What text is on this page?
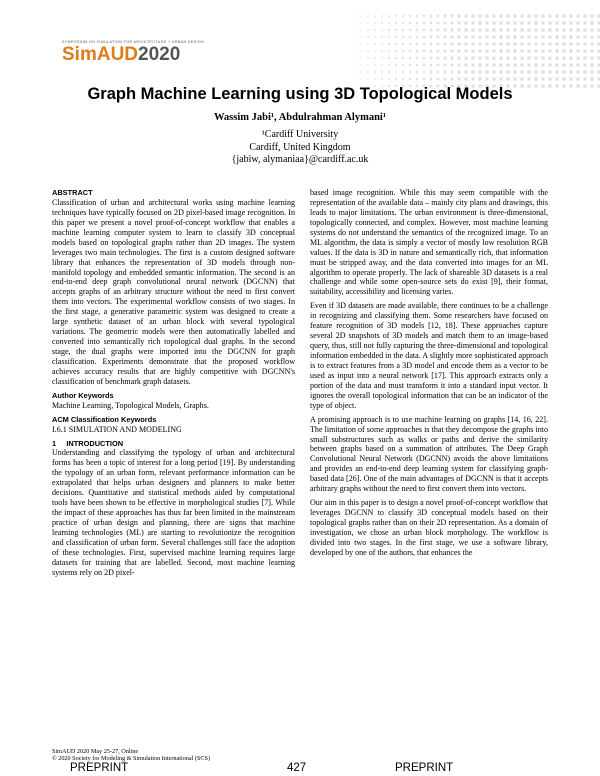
SYMPOSIUM ON SIMULATION FOR ARCHITECTURE + URBAN DESIGN
SimAUD2020
Graph Machine Learning using 3D Topological Models
Wassim Jabi¹, Abdulrahman Alymani¹
¹Cardiff University
Cardiff, United Kingdom
{jabiw, alymaniaa}@cardiff.ac.uk
ABSTRACT

Classification of urban and architectural works using machine learning techniques have typically focused on 2D pixel-based image recognition. In this paper we present a novel proof-of-concept workflow that enables a machine learning computer system to learn to classify 3D conceptual models based on topological graphs rather than 2D images. The system leverages two main technologies. The first is a custom designed software library that enhances the representation of 3D models through non-manifold topology and embedded semantic information. The second is an end-to-end deep graph convolutional neural network (DGCNN) that accepts graphs of an arbitrary structure without the need to first convert them into vectors. The experimental workflow consists of two stages. In the first stage, a generative parametric system was designed to create a large synthetic dataset of an urban block with several typological variations. The geometric models were then automatically labelled and converted into semantically rich topological dual graphs. In the second stage, the dual graphs were imported into the DGCNN for graph classification. Experiments demonstrate that the proposed workflow achieves accuracy results that are highly competitive with DGCNN's classification of benchmark graph datasets.

Author Keywords

Machine Learning, Topological Models, Graphs.

ACM Classification Keywords

I.6.1 SIMULATION AND MODELING

1     INTRODUCTION

Understanding and classifying the typology of urban and architectural forms has been a topic of interest for a long period [19]. By understanding the typology of an urban form, relevant performance information can be extrapolated that helps urban designers and planners to make better decisions. Quantitative and statistical methods aided by computational tools have been shown to be effective in morphological studies [7]. While the impact of these approaches has thus far been limited in the mainstream practice of urban design and planning, there are signs that machine learning technologies (ML) are starting to revolutionize the recognition and classification of urban form. Several challenges still face the adoption of these technologies. First, supervised machine learning requires large datasets for training that are labelled. Second, most machine learning systems rely on 2D pixel-

based image recognition. While this may seem compatible with the representation of the available data – mainly city plans and drawings, this leads to major limitations. The urban environment is three-dimensional, topologically connected, and complex. However, most machine learning systems do not understand the semantics of the recognized image. To an ML algorithm, the data is simply a vector of mostly low resolution RGB values. If the data is 3D in nature and semantically rich, that information must be stripped away, and the data converted into images for an ML algorithm to operate properly. The lack of shareable 3D datasets is a real challenge and while some open-source sets do exist [9], their format, suitability, accessibility and licensing varies.

Even if 3D datasets are made available, there continues to be a challenge in recognizing and classifying them. Some researchers have focused on feature recognition of 3D models [12, 18]. These approaches capture several 2D snapshots of 3D models and match them to an image-based query, thus, still not fully capturing the three-dimensional and topological information embedded in the data. A slightly more sophisticated approach is to extract features from a 3D model and encode them as a vector to be used as input into a neural network [17]. This approach extracts only a portion of the data and must transform it into a standard input vector. It ignores the overall topological information that can be an indicator of the type of object.

A promising approach is to use machine learning on graphs [14, 16, 22]. The limitation of some approaches is that they decompose the graphs into small substructures such as walks or paths and derive the similarity between graphs based on a summation of attributes. The Deep Graph Convolutional Neural Network (DGCNN) avoids the above limitations and provides an end-to-end deep learning system for classifying graph-based data [26]. One of the main advantages of DGCNN is that it accepts arbitrary graphs without the need to first convert them into vectors.

Our aim in this paper is to design a novel proof-of-concept workflow that leverages DGCNN to classify 3D conceptual models based on their topological graphs rather than on their 2D representation. As a domain of investigation, we chose an urban block morphology. The workflow is divided into two stages. In the first stage, we use a software library, developed by one of the authors, that enhances the

SimAUD 2020 May 25-27, Online
© 2020 Society for Modeling & Simulation International (SCS)
PREPRINT	427	PREPRINT
